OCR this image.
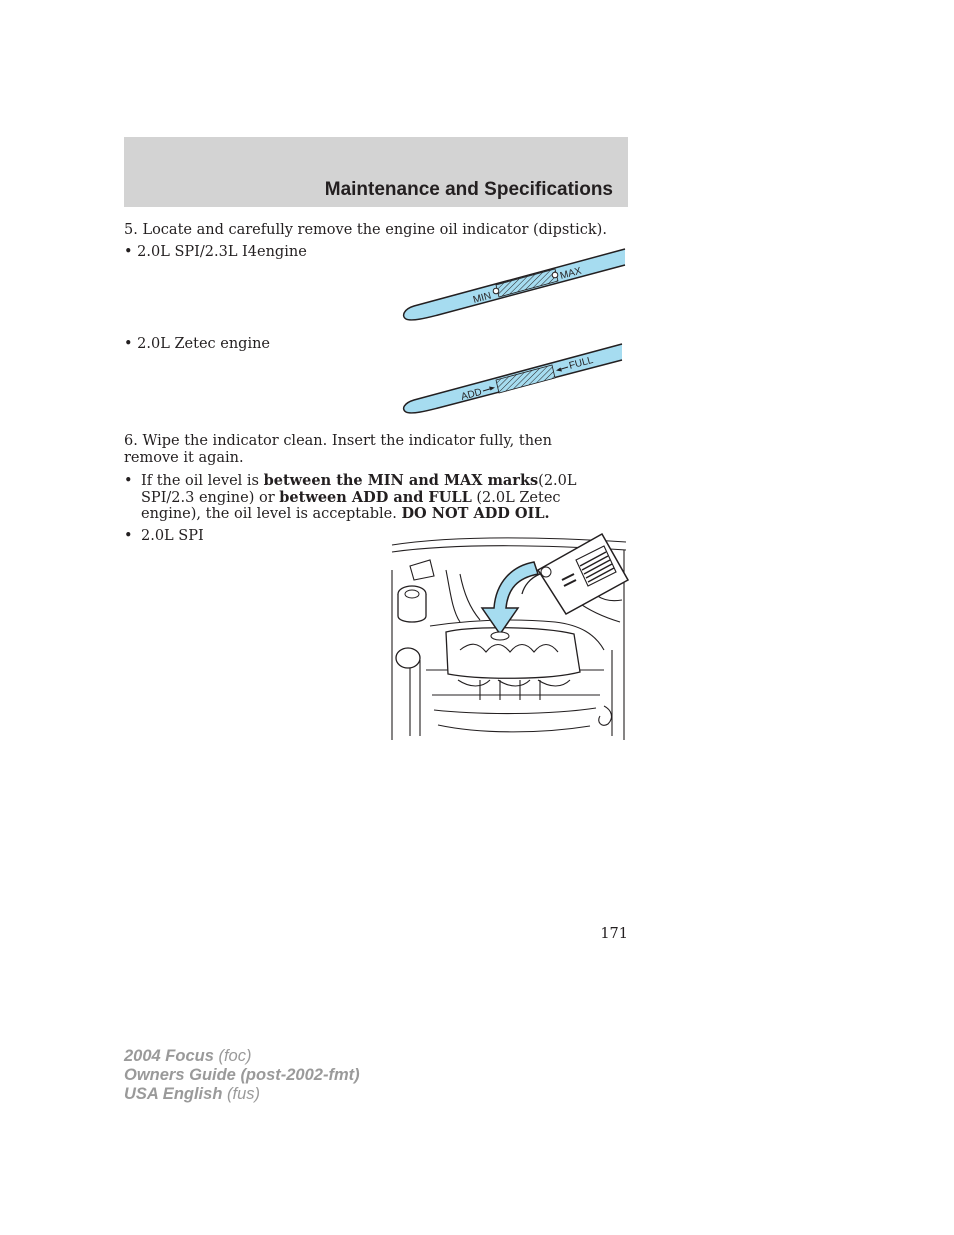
Maintenance and Specifications
5. Locate and carefully remove the engine oil indicator (dipstick).
• 2.0L SPI/2.3L I4engine
MIN
MAX
• 2.0L Zetec engine
ADD
FULL
6. Wipe the indicator clean. Insert the indicator fully, then remove it again.
• If the oil level is between the MIN and MAX marks(2.0L SPI/2.3 engine) or between ADD and FULL (2.0L Zetec engine), the oil level is acceptable. DO NOT ADD OIL.
• 2.0L SPI
171
2004 Focus (foc)
Owners Guide (post-2002-fmt)
USA English (fus)
